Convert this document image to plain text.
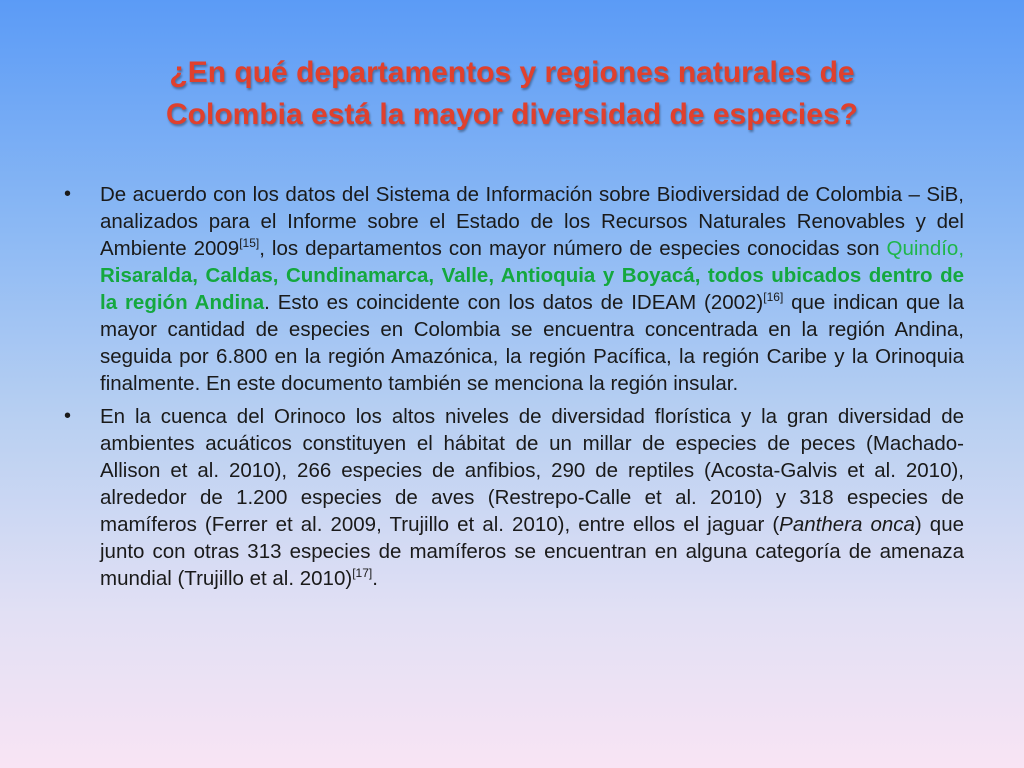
¿En qué departamentos y regiones naturales de
Colombia está la mayor diversidad de especies?
•	De acuerdo con los datos del Sistema de Información sobre Biodiversidad de Colombia – SiB, analizados para el Informe sobre el Estado de los Recursos Naturales Renovables y del Ambiente 2009[15], los departamentos con mayor número de especies conocidas son Quindío, Risaralda, Caldas, Cundinamarca, Valle, Antioquia y Boyacá, todos ubicados dentro de la región Andina. Esto es coincidente con los datos de IDEAM (2002)[16] que indican que la mayor cantidad de especies en Colombia se encuentra concentrada en la región Andina, seguida por 6.800 en la región Amazónica, la región Pacífica, la región Caribe y la Orinoquia finalmente. En este documento también se menciona la región insular.
•	En la cuenca del Orinoco los altos niveles de diversidad florística y la gran diversidad de ambientes acuáticos constituyen el hábitat de un millar de especies de peces (Machado-Allison et al. 2010), 266 especies de anfibios, 290 de reptiles (Acosta-Galvis et al. 2010), alrededor de 1.200 especies de aves (Restrepo-Calle et al. 2010) y 318 especies de mamíferos (Ferrer et al. 2009, Trujillo et al. 2010), entre ellos el jaguar (Panthera onca) que junto con otras 313 especies de mamíferos se encuentran en alguna categoría de amenaza mundial (Trujillo et al. 2010)[17].
